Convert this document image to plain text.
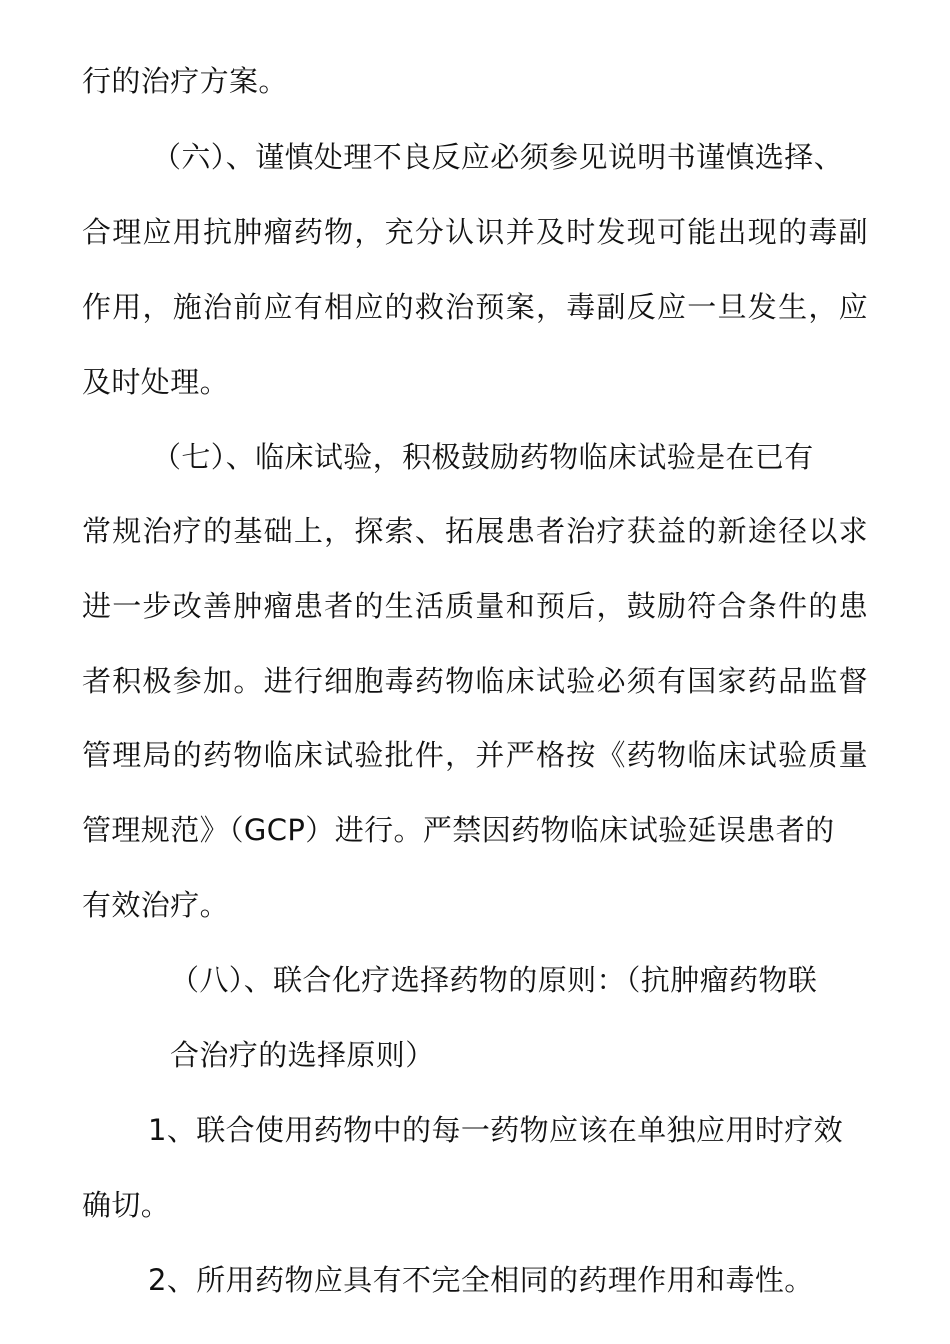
行的治疗方案。
（六）、谨慎处理不良反应必须参见说明书谨慎选择、
合理应用抗肿瘤药物，充分认识并及时发现可能出现的毒副
作用，施治前应有相应的救治预案，毒副反应一旦发生，应
及时处理。
（七）、临床试验，积极鼓励药物临床试验是在已有
常规治疗的基础上，探索、拓展患者治疗获益的新途径以求
进一步改善肿瘤患者的生活质量和预后，鼓励符合条件的患
者积极参加。进行细胞毒药物临床试验必须有国家药品监督
管理局的药物临床试验批件，并严格按《药物临床试验质量
管理规范》（GCP）进行。严禁因药物临床试验延误患者的
有效治疗。
（八）、联合化疗选择药物的原则：（抗肿瘤药物联
合治疗的选择原则）
1、联合使用药物中的每一药物应该在单独应用时疗效
确切。
2、所用药物应具有不完全相同的药理作用和毒性。
